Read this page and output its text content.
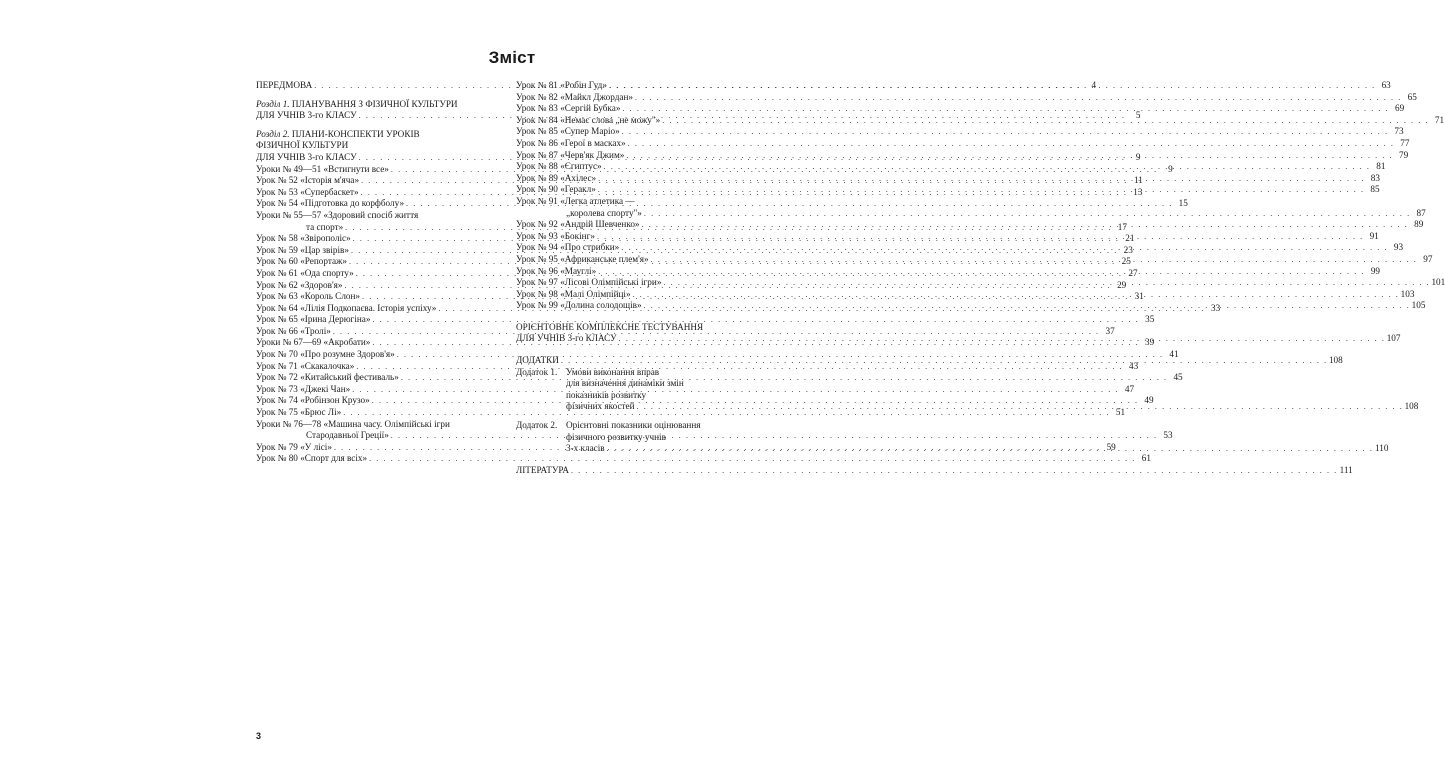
Зміст
ПЕРЕДМОВА . . .	4
Розділ 1. ПЛАНУВАННЯ З ФІЗИЧНОЇ КУЛЬТУРИ
ДЛЯ УЧНІВ 3-го КЛАСУ . . .	5
Розділ 2. ПЛАНИ-КОНСПЕКТИ УРОКІВ
ФІЗИЧНОЇ КУЛЬТУРИ
ДЛЯ УЧНІВ 3-го КЛАСУ . . .	9
Уроки № 49—51 «Встигнути все» . . .	9
Урок № 52 «Історія м'яча» . . .	11
Урок № 53 «Супербаскет» . . .	13
Урок № 54 «Підготовка до корфболу» . . .	15
Уроки № 55—57 «Здоровий спосіб життя
та спорт» . . .	17
Урок № 58 «Звірополіс» . . .	21
Урок № 59 «Цар звірів» . . .	23
Урок № 60 «Репортаж» . . .	25
Урок № 61 «Ода спорту» . . .	27
Урок № 62 «Здоров'я» . . .	29
Урок № 63 «Король Слон» . . .	31
Урок № 64 «Лілія Подкопаєва. Історія успіху» . . .	33
Урок № 65 «Ірина Дерюгіна» . . .	35
Урок № 66 «Тролі» . . .	37
Уроки № 67—69 «Акробати» . . .	39
Урок № 70 «Про розумне Здоров'я» . . .	41
Урок № 71 «Скакалочка» . . .	43
Урок № 72 «Китайський фестиваль» . . .	45
Урок № 73 «Джекі Чан» . . .	47
Урок № 74 «Робінзон Крузо» . . .	49
Урок № 75 «Брюс Лі» . . .	51
Уроки № 76—78 «Машина часу. Олімпійські ігри
Стародавньої Греції» . . .	53
Урок № 79 «У лісі» . . .	59
Урок № 80 «Спорт для всіх» . . .	61
Урок № 81 «Робін Гуд» . . .	63
Урок № 82 «Майкл Джордан» . . .	65
Урок № 83 «Сергій Бубка» . . .	69
Урок № 84 «Немає слова „не можу"» . . .	71
Урок № 85 «Супер Маріо» . . .	73
Урок № 86 «Герої в масках» . . .	77
Урок № 87 «Черв'як Джим» . . .	79
Урок № 88 «Єгиптус» . . .	81
Урок № 89 «Ахілес» . . .	83
Урок № 90 «Геракл» . . .	85
Урок № 91 «Легка атлетика —
„королева спорту"» . . .	87
Урок № 92 «Андрій Шевченко» . . .	89
Урок № 93 «Бокінг» . . .	91
Урок № 94 «Про стрибки» . . .	93
Урок № 95 «Африканське плем'я» . . .	97
Урок № 96 «Мауглі» . . .	99
Урок № 97 «Лісові Олімпійські ігри» . . .	101
Урок № 98 «Малі Олімпійці» . . .	103
Урок № 99 «Долина солодощів» . . .	105
ОРІЄНТОВНЕ КОМПЛЕКСНЕ ТЕСТУВАННЯ
ДЛЯ УЧНІВ 3-го КЛАСУ . . .	107
ДОДАТКИ . . .	108
Додаток 1. Умови виконання вправ
для визначення динаміки змін
показників розвитку
фізичних якостей . . .	108
Додаток 2. Орієнтовні показники оцінювання
фізичного розвитку учнів
3-х класів . . .	110
ЛІТЕРАТУРА . . .	111
3
